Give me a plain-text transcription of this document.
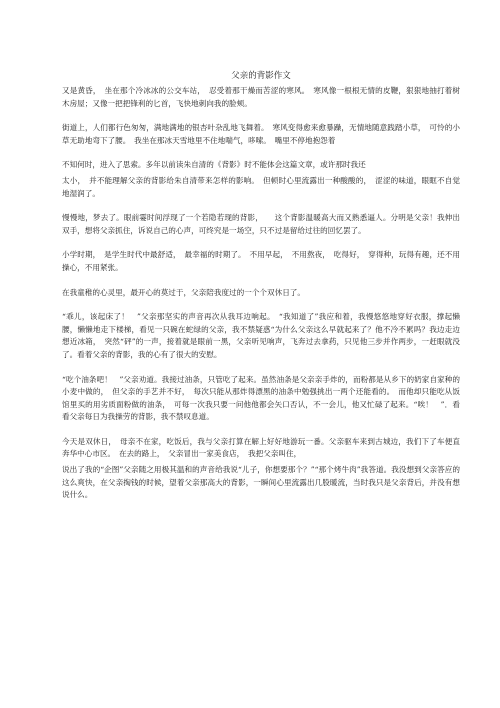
父亲的背影作文

又是黄昏，　坐在那个冷冰冰的公交车站，　忍受着那干燥而苦涩的寒风。　寒风像一根根无情的皮鞭，狠狠地抽打着树木房屋；又像一把把锋利的匕首，飞快地刺向我的脸颊。

街道上，人们都行色匆匆，满地满地的银杏叶杂乱地飞舞着。　寒风变得愈来愈暴躁，无情地随意践踏小草，　可怜的小草无助地弯下了腰。　我坐在那冰天雪地里不住地喘气，哆嗦。　嘴里不停地抱怨着

不知何时，进入了思索。多年以前读朱自清的《背影》时不能体会这篇文章，或许那时我还

太小，　并不能理解父亲的背影给朱自清带来怎样的影响。　但顿时心里流露出一种酸酸的，　涩涩的味道，眼眶不自觉地湿润了。

慢慢地，梦去了。眼前霎时间浮现了一个若隐若现的背影，　　这个背影温暖高大而又熟悉逼人。分明是父亲！我伸出双手，想将父亲抓住，诉说自己的心声，可终究是一场空，只不过是留给过往的回忆罢了。

小学时期，　是学生时代中最舒适，　最幸福的时期了。　不用早起，　不用熬夜，　吃得好，　穿得种，玩得有趣，还不用操心，不用紧张。

在我童稚的心灵里，最开心的莫过于，父亲陪我度过的一个个双休日了。

“乖儿，该起床了！　”父亲那坚实的声音再次从我耳边响起。　“我知道了”我应和着，我慢悠悠地穿好衣服，撑起懒腰，懒懒地走下楼梯，看见一只碗在蛇绿的父亲，我不禁疑惑“为什么父亲这么早就起来了？他不冷不累吗？我边走边想近冰箱，　突然“砰”的一声，接着就是眼前一黑，父亲听见响声，飞奔过去拿药，只见他三步并作两步，一赶眼就没了。看着父亲的背影，我的心有了很大的安慰。

“吃个油条吧！　”父亲劝道。我接过油条，只管吃了起来。虽然油条是父亲亲手炸的，而粉都是从乡下的奶家自家种的小麦中做的，　但父亲的手艺并不好，　每次只能从那炸得漂黑的油条中勉强挑出一两个还能看的。　而他却只能吃从饭馆里买的用劣质面粉做的油条，　可每一次我只要一问他他都会矢口否认，不一会儿，他又忙碌了起来。“唉！　”．看看父亲每日为我操劳的背影，我不禁叹息道。

今天是双休日，　母亲不在家，吃饭后，我与父亲打算在解上好好地游玩一番。父亲驱车来到古城边，我们下了车便直奔华中心市区。　在去的路上，　父亲冒出一家美食店，　我把父亲叫住，

说出了我的“企图”父亲随之用极其温和的声音给我说“儿子，你想要那个？”“那个烤牛肉”我答道。我没想到父亲答应的这么爽快，在父亲掏钱的时候，望着父亲那高大的背影，一瞬间心里流露出几股暖流，当时我只是父亲背后，并没有想说什么。
